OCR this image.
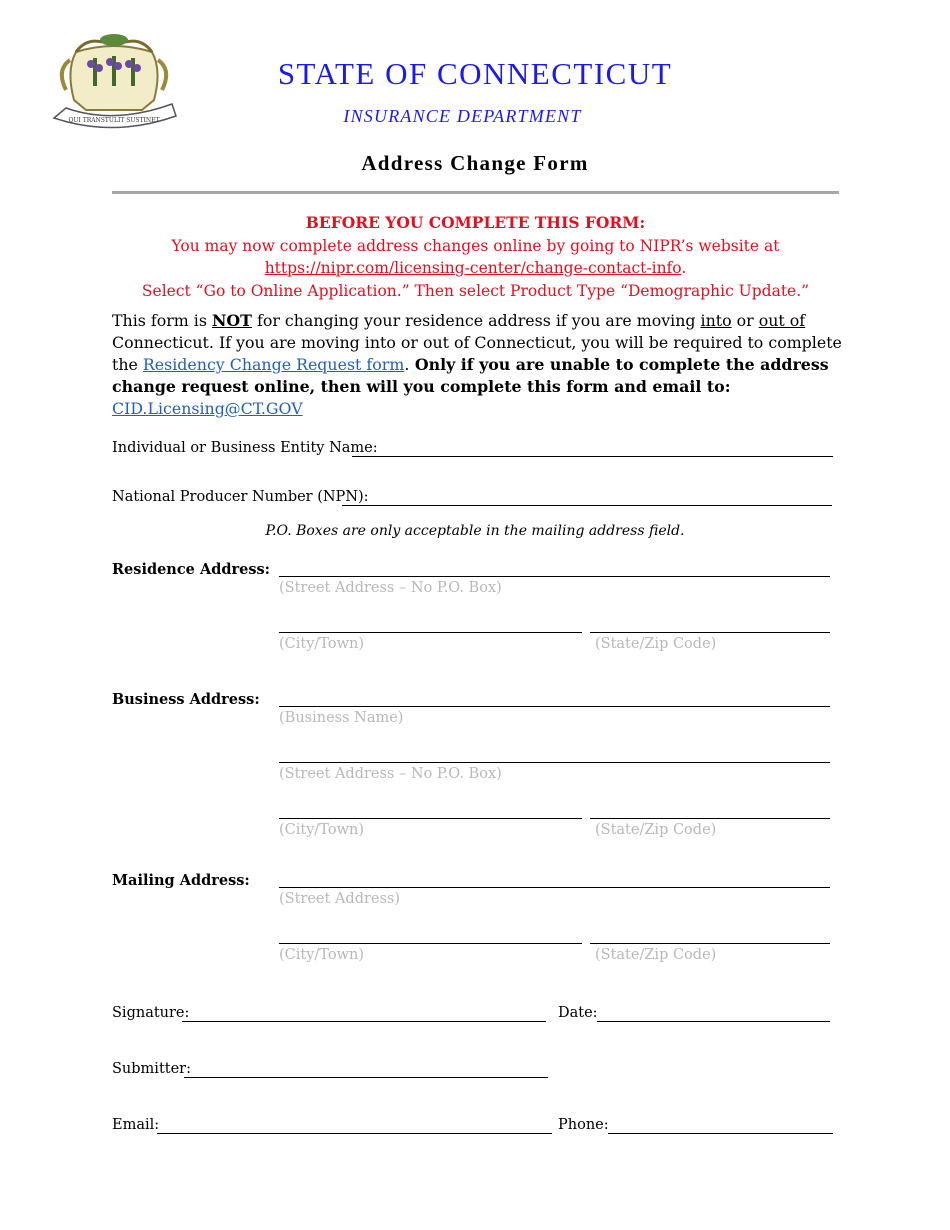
QUI TRANSTULIT SUSTINET
STATE OF CONNECTICUT
INSURANCE DEPARTMENT
Address Change Form
BEFORE YOU COMPLETE THIS FORM:
You may now complete address changes online by going to NIPR’s website at
https://nipr.com/licensing-center/change-contact-info.
Select “Go to Online Application.” Then select Product Type “Demographic Update.”
This form is NOT for changing your residence address if you are moving into or out of Connecticut. If you are moving into or out of Connecticut, you will be required to complete the Residency Change Request form. Only if you are unable to complete the address change request online, then will you complete this form and email to: CID.Licensing@CT.GOV
Individual or Business Entity Name:
National Producer Number (NPN):
P.O. Boxes are only acceptable in the mailing address field.
Residence Address:
(Street Address – No P.O. Box)
(City/Town)	(State/Zip Code)
Business Address:
(Business Name)
(Street Address – No P.O. Box)
(City/Town)	(State/Zip Code)
Mailing Address:
(Street Address)
(City/Town)	(State/Zip Code)
Signature:	Date:
Submitter:
Email:	Phone:
